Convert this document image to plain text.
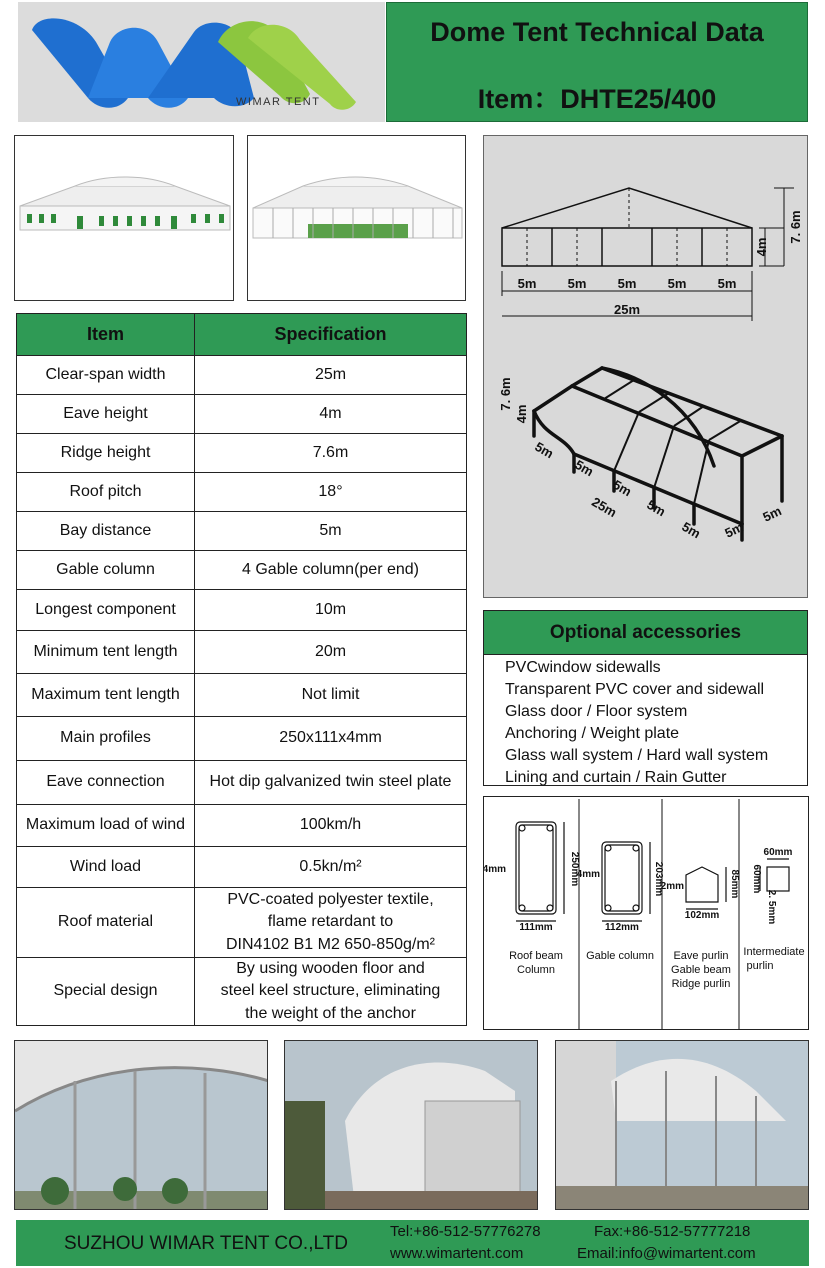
WIMAR TENT
Dome Tent Technical Data
Item：DHTE25/400
Item	Specification
Clear-span width	25m
Eave height	4m
Ridge height	7.6m
Roof pitch	18°
Bay distance	5m
Gable column	4 Gable column(per end)
Longest component	10m
Minimum tent length	20m
Maximum tent length	Not limit
Main profiles	250x111x4mm
Eave connection	Hot dip galvanized twin steel plate
Maximum load of wind	100km/h
Wind load	0.5kn/m²
Roof material	PVC-coated polyester textile,
flame retardant to
DIN4102 B1 M2 650-850g/m²

Special design	By using wooden floor and
steel keel structure, eliminating
the weight of the anchor
5m 5m 5m 5m 5m
25m
4m
7. 6m
7. 6m
4m
5m
5m
5m
5m
5m
25m
5m
5m
Optional accessories
PVCwindow sidewalls
Transparent PVC cover and sidewall
Glass door / Floor system
Anchoring / Weight plate
Glass wall system / Hard wall system
Lining and curtain / Rain Gutter
4mm	250mm
111mm
Roof beam
Column
4mm	203mm
112mm
Gable column
2mm	85mm
102mm
Eave purlin
Gable beam
Ridge purlin
60mm
60mm
2. 5mm
Intermediate
purlin
SUZHOU WIMAR TENT CO.,LTD
Tel:+86-512-57776278	Fax:+86-512-57777218
www.wimartent.com	Email:info@wimartent.com
